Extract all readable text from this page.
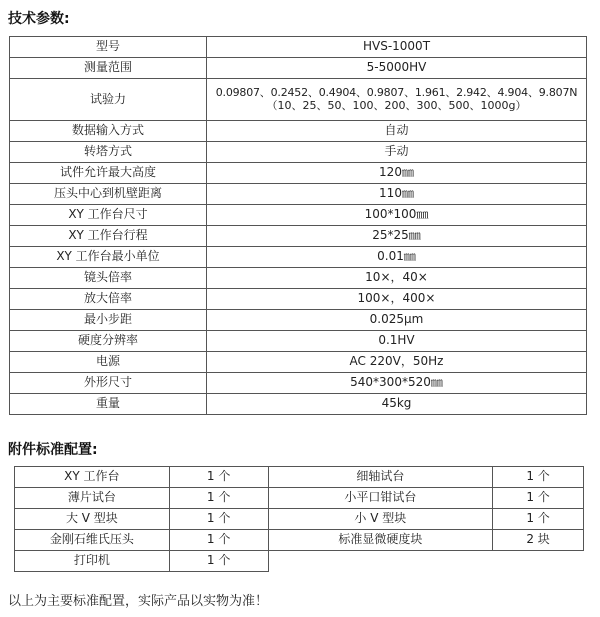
技术参数:
型号	HVS-1000T
测量范围	5-5000HV
试验力	0.09807、0.2452、0.4904、0.9807、1.961、2.942、4.904、9.807N
（10、25、50、100、200、300、500、1000g）

数据输入方式	自动
转塔方式	手动
试件允许最大高度	120㎜
压头中心到机壁距离	110㎜
XY 工作台尺寸	100*100㎜
XY 工作台行程	25*25㎜
XY 工作台最小单位	0.01㎜
镜头倍率	10×，40×
放大倍率	100×，400×
最小步距	0.025μm
硬度分辨率	0.1HV
电源	AC 220V，50Hz
外形尺寸	540*300*520㎜
重量	45kg
附件标准配置:
XY 工作台	1 个	细轴试台	1 个
薄片试台	1 个	小平口钳试台	1 个
大 V 型块	1 个	小 V 型块	1 个
金刚石维氏压头	1 个	标准显微硬度块	2 块
打印机	1 个		
以上为主要标准配置，实际产品以实物为准！
